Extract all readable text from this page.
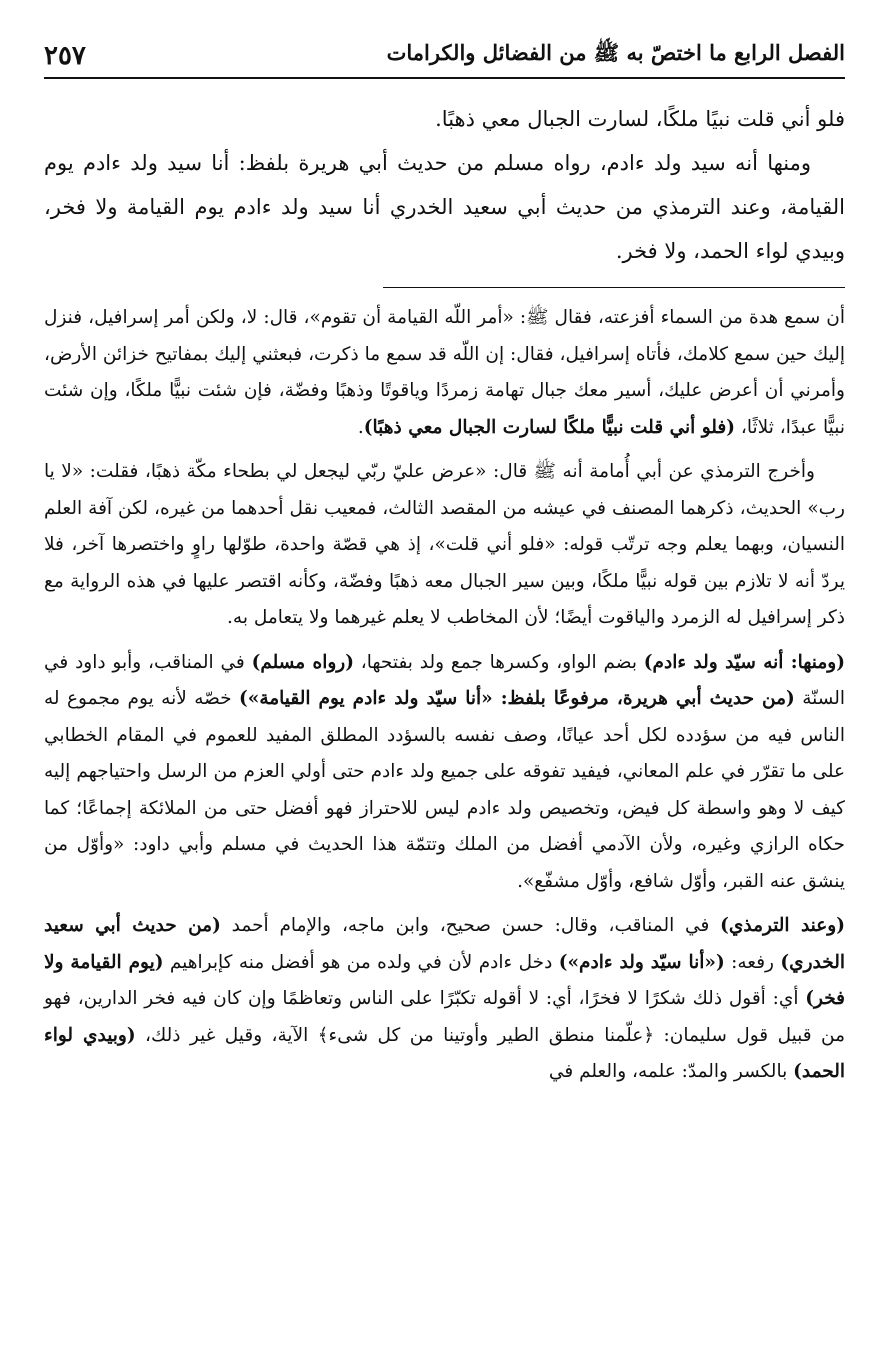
الفصل الرابع ما اختصّ به ﷺ من الفضائل والكرامات
٢٥٧

فلو أني قلت نبيًا ملكًا، لسارت الجبال معي ذهبًا.

ومنها أنه سيد ولد ءادم، رواه مسلم من حديث أبي هريرة بلفظ: أنا سيد ولد ءادم يوم القيامة، وعند الترمذي من حديث أبي سعيد الخدري أنا سيد ولد ءادم يوم القيامة ولا فخر، وبيدي لواء الحمد، ولا فخر.

أن سمع هدة من السماء أفزعته، فقال ﷺ: «أمر اللّه القيامة أن تقوم»، قال: لا، ولكن أمر إسرافيل، فنزل إليك حين سمع كلامك، فأتاه إسرافيل، فقال: إن اللّه قد سمع ما ذكرت، فبعثني إليك بمفاتيح خزائن الأرض، وأمرني أن أعرض عليك، أسير معك جبال تهامة زمردًا وياقوتًا وذهبًا وفضّة، فإن شئت نبيًّا ملكًا، وإن شئت نبيًّا عبدًا، ثلاثًا، (فلو أني قلت نبيًّا ملكًا لسارت الجبال معي ذهبًا).

وأخرج الترمذي عن أبي أُمامة أنه ﷺ قال: «عرض عليّ ربّي ليجعل لي بطحاء مكّة ذهبًا، فقلت: «لا يا رب» الحديث، ذكرهما المصنف في عيشه من المقصد الثالث، فمعيب نقل أحدهما من غيره، لكن آفة العلم النسيان، وبهما يعلم وجه ترتّب قوله: «فلو أني قلت»، إذ هي قصّة واحدة، طوّلها راوٍ واختصرها آخر، فلا يردّ أنه لا تلازم بين قوله نبيًّا ملكًا، وبين سير الجبال معه ذهبًا وفضّة، وكأنه اقتصر عليها في هذه الرواية مع ذكر إسرافيل له الزمرد والياقوت أيضًا؛ لأن المخاطب لا يعلم غيرهما ولا يتعامل به.

(ومنها: أنه سيّد ولد ءادم) بضم الواو، وكسرها جمع ولد بفتحها، (رواه مسلم) في المناقب، وأبو داود في السنّة (من حديث أبي هريرة، مرفوعًا بلفظ: «أنا سيّد ولد ءادم يوم القيامة») خصّه لأنه يوم مجموع له الناس فيه من سؤدده لكل أحد عيانًا، وصف نفسه بالسؤدد المطلق المفيد للعموم في المقام الخطابي على ما تقرّر في علم المعاني، فيفيد تفوقه على جميع ولد ءادم حتى أولي العزم من الرسل واحتياجهم إليه كيف لا وهو واسطة كل فيض، وتخصيص ولد ءادم ليس للاحتراز فهو أفضل حتى من الملائكة إجماعًا؛ كما حكاه الرازي وغيره، ولأن الآدمي أفضل من الملك وتتمّة هذا الحديث في مسلم وأبي داود: «وأوّل من ينشق عنه القبر، وأوّل شافع، وأوّل مشفّع».

(وعند الترمذي) في المناقب، وقال: حسن صحيح، وابن ماجه، والإمام أحمد (من حديث أبي سعيد الخدري) رفعه: («أنا سيّد ولد ءادم») دخل ءادم لأن في ولده من هو أفضل منه كإبراهيم (يوم القيامة ولا فخر) أي: أقول ذلك شكرًا لا فخرًا، أي: لا أقوله تكبّرًا على الناس وتعاظمًا وإن كان فيه فخر الدارين، فهو من قبيل قول سليمان: ﴿علّمنا منطق الطير وأوتينا من كل شىء﴾ الآية، وقيل غير ذلك، (وبيدي لواء الحمد) بالكسر والمدّ: علمه، والعلم في
